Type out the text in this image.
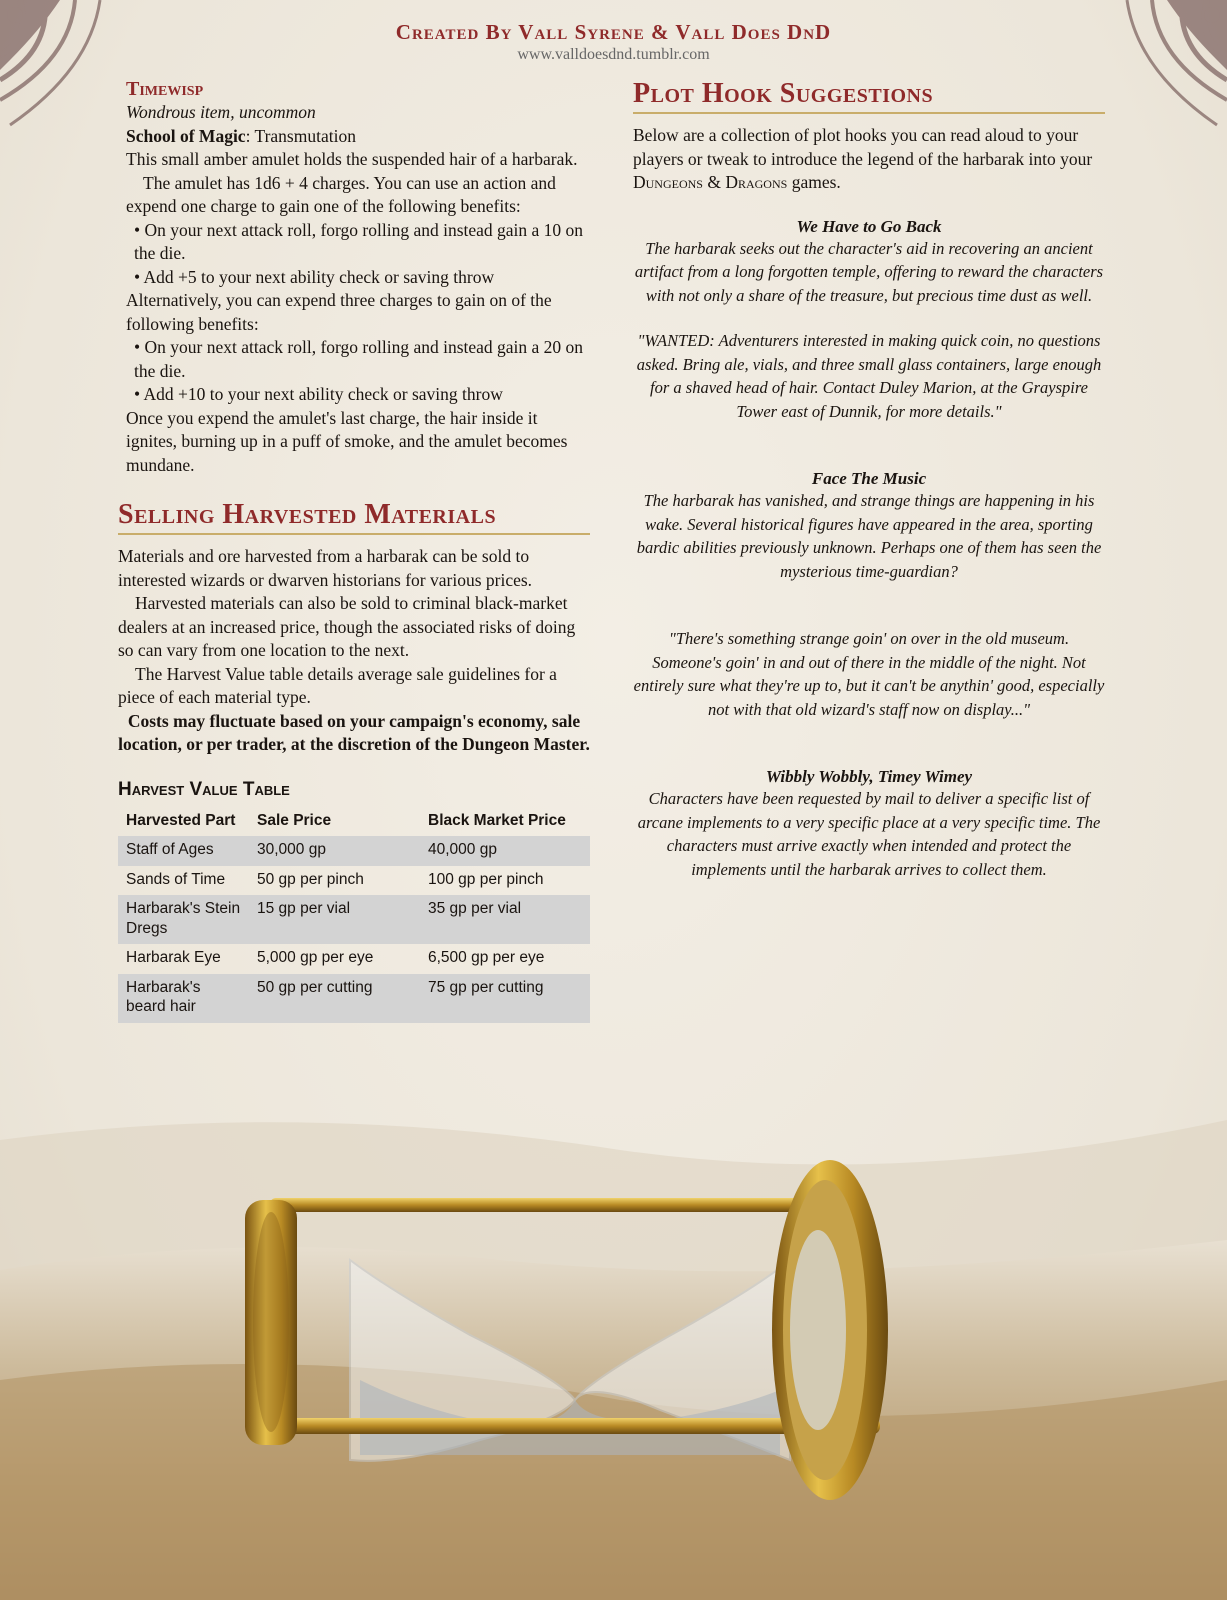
Created By Vall Syrene & Vall Does DnD
www.valldoesdnd.tumblr.com
Timewisp

Wondrous item, uncommon

School of Magic: Transmutation

This small amber amulet holds the suspended hair of a harbarak.

The amulet has 1d6 + 4 charges. You can use an action and expend one charge to gain one of the following benefits:

• On your next attack roll, forgo rolling and instead gain a 10 on the die.

• Add +5 to your next ability check or saving throw

Alternatively, you can expend three charges to gain on of the following benefits:

• On your next attack roll, forgo rolling and instead gain a 20 on the die.

• Add +10 to your next ability check or saving throw

Once you expend the amulet's last charge, the hair inside it ignites, burning up in a puff of smoke, and the amulet becomes mundane.

Selling Harvested Materials

Materials and ore harvested from a harbarak can be sold to interested wizards or dwarven historians for various prices.

Harvested materials can also be sold to criminal black-market dealers at an increased price, though the associated risks of doing so can vary from one location to the next.

The Harvest Value table details average sale guidelines for a piece of each material type.

Costs may fluctuate based on your campaign's economy, sale location, or per trader, at the discretion of the Dungeon Master.

Harvest Value Table
Harvested Part	Sale Price	Black Market Price
Staff of Ages	30,000 gp	40,000 gp
Sands of Time	50 gp per pinch	100 gp per pinch
Harbarak's Stein Dregs	15 gp per vial	35 gp per vial
Harbarak Eye	5,000 gp per eye	6,500 gp per eye
Harbarak's beard hair	50 gp per cutting	75 gp per cutting
Plot Hook Suggestions

Below are a collection of plot hooks you can read aloud to your players or tweak to introduce the legend of the harbarak into your Dungeons & Dragons games.

We Have to Go Back

The harbarak seeks out the character's aid in recovering an ancient artifact from a long forgotten temple, offering to reward the characters with not only a share of the treasure, but precious time dust as well.

"WANTED: Adventurers interested in making quick coin, no questions asked. Bring ale, vials, and three small glass containers, large enough for a shaved head of hair. Contact Duley Marion, at the Grayspire Tower east of Dunnik, for more details."

Face The Music

The harbarak has vanished, and strange things are happening in his wake. Several historical figures have appeared in the area, sporting bardic abilities previously unknown. Perhaps one of them has seen the mysterious time-guardian?

"There's something strange goin' on over in the old museum. Someone's goin' in and out of there in the middle of the night. Not entirely sure what they're up to, but it can't be anythin' good, especially not with that old wizard's staff now on display..."

Wibbly Wobbly, Timey Wimey

Characters have been requested by mail to deliver a specific list of arcane implements to a very specific place at a very specific time. The characters must arrive exactly when intended and protect the implements until the harbarak arrives to collect them.
